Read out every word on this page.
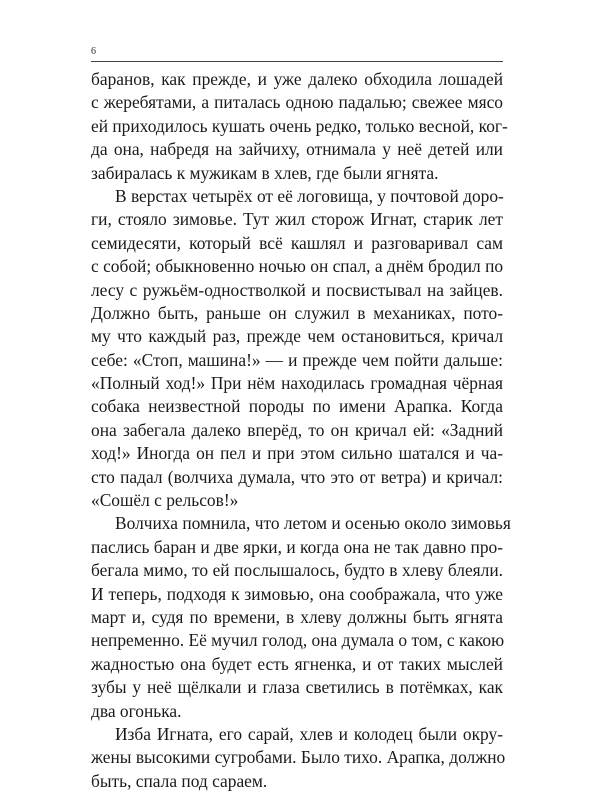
6
баранов, как прежде, и уже далеко обходила лошадей
с жеребятами, а питалась одною падалью; свежее мясо
ей приходилось кушать очень редко, только весной, ког-
да она, набредя на зайчиху, отнимала у неё детей или
забиралась к мужикам в хлев, где были ягнята.
В верстах четырёх от её логовища, у почтовой доро-
ги, стояло зимовье. Тут жил сторож Игнат, старик лет
семидесяти, который всё кашлял и разговаривал сам
с собой; обыкновенно ночью он спал, а днём бродил по
лесу с ружьём-одностволкой и посвистывал на зайцев.
Должно быть, раньше он служил в механиках, пото-
му что каждый раз, прежде чем остановиться, кричал
себе: «Стоп, машина!» — и прежде чем пойти дальше:
«Полный ход!» При нём находилась громадная чёрная
собака неизвестной породы по имени Арапка. Когда
она забегала далеко вперёд, то он кричал ей: «Задний
ход!» Иногда он пел и при этом сильно шатался и ча-
сто падал (волчиха думала, что это от ветра) и кричал:
«Сошёл с рельсов!»
Волчиха помнила, что летом и осенью около зимовья
паслись баран и две ярки, и когда она не так давно про-
бегала мимо, то ей послышалось, будто в хлеву блеяли.
И теперь, подходя к зимовью, она соображала, что уже
март и, судя по времени, в хлеву должны быть ягнята
непременно. Её мучил голод, она думала о том, с какою
жадностью она будет есть ягненка, и от таких мыслей
зубы у неё щёлкали и глаза светились в потёмках, как
два огонька.
Изба Игната, его сарай, хлев и колодец были окру-
жены высокими сугробами. Было тихо. Арапка, должно
быть, спала под сараем.
